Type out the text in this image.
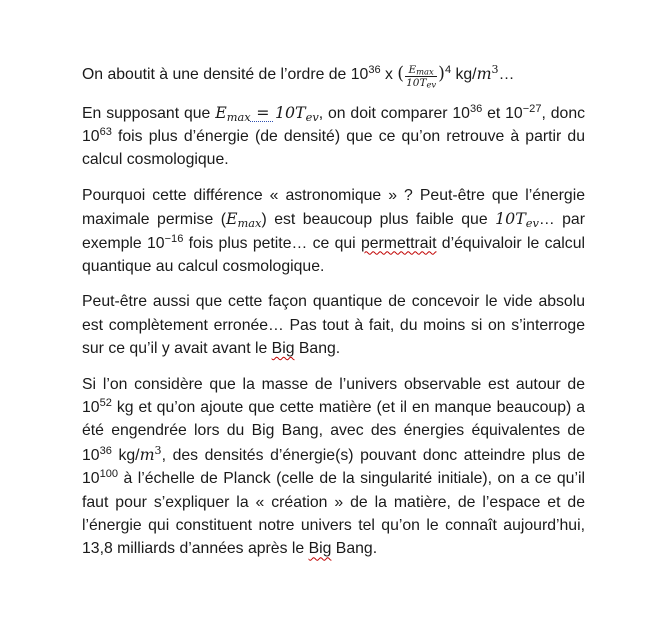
On aboutit à une densité de l’ordre de $10^{36}$ x ( $\frac{E_{max}}{10T_{ev}} )^4$ $kg/m^3\dots$

En supposant que $E_{max} = 10T_{ev}$, on doit comparer $10^{36}$ et $10^{-27}$, donc $10^{63}$ fois plus d’énergie (de densité) que ce qu’on retrouve à partir du calcul cosmologique.

Pourquoi cette différence « astronomique » ? Peut-être que l’énergie maximale permise $(E_{max})$ est beaucoup plus faible que $10T_{ev}\dots$ par exemple $10^{-16}$ fois plus petite… ce qui permettrait d’équivaloir le calcul quantique au calcul cosmologique.

Peut-être aussi que cette façon quantique de concevoir le vide absolu est complètement erronée… Pas tout à fait, du moins si on s’interroge sur ce qu’il y avait avant le Big Bang.

Si l’on considère que la masse de l’univers observable est autour de $10^{52}$ kg et qu’on ajoute que cette matière (et il en manque beaucoup) a été engendrée lors du Big Bang, avec des énergies équivalentes de $10^{36}$ $kg/m^3$, des densités d’énergie(s) pouvant donc atteindre plus de $10^{100}$ à l’échelle de Planck (celle de la singularité initiale), on a ce qu’il faut pour s’expliquer la « création » de la matière, de l’espace et de l’énergie qui constituent notre univers tel qu’on le connaît aujourd’hui, 13,8 milliards d’années après le Big Bang.
